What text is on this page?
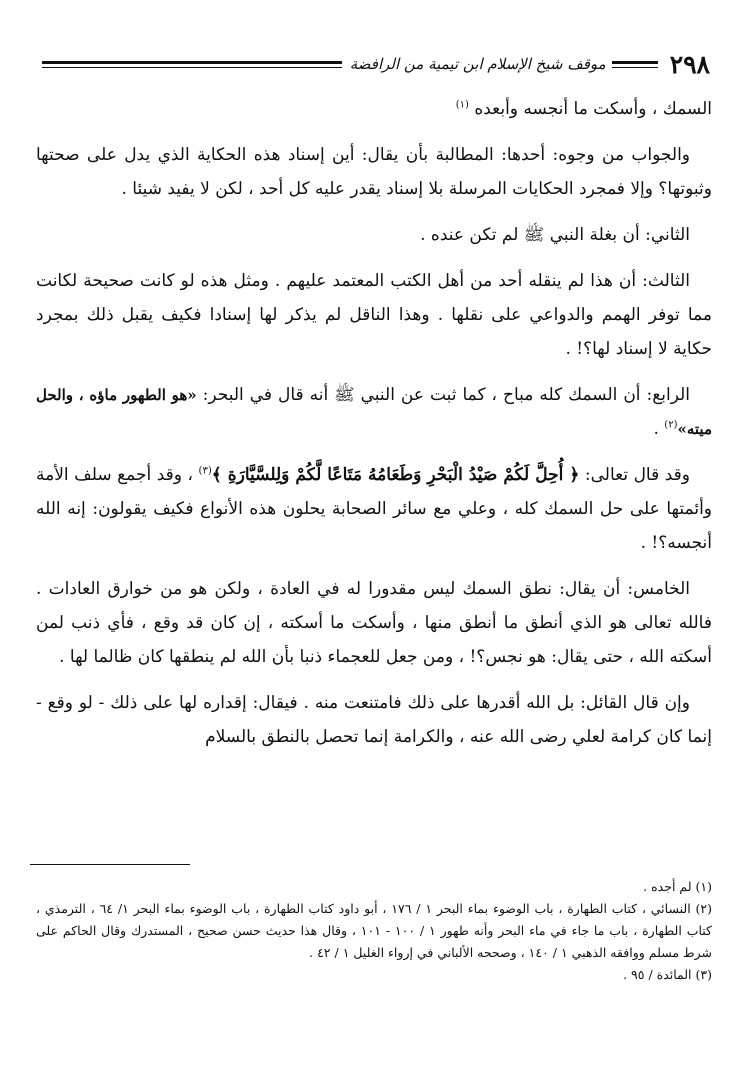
٢٩٨
موقف شيخ الإسلام ابن تيمية من الرافضة

السمك ، وأسكت ما أنجسه وأبعده $^{(١)}$

والجواب من وجوه: أحدها: المطالبة بأن يقال: أين إسناد هذه الحكاية الذي يدل على صحتها وثبوتها؟ وإلا فمجرد الحكايات المرسلة بلا إسناد يقدر عليه كل أحد ، لكن لا يفيد شيئا .

الثاني: أن بغلة النبي ﷺ لم تكن عنده .

الثالث: أن هذا لم ينقله أحد من أهل الكتب المعتمد عليهم . ومثل هذه لو كانت صحيحة لكانت مما توفر الهمم والدواعي على نقلها . وهذا الناقل لم يذكر لها إسنادا فكيف يقبل ذلك بمجرد حكاية لا إسناد لها؟! .

الرابع: أن السمك كله مباح ، كما ثبت عن النبي ﷺ أنه قال في البحر: «هو الطهور ماؤه ، والحل ميته»$^{(٢)}$ .

وقد قال تعالى: ﴿ أُحِلَّ لَكُمْ صَيْدُ الْبَحْرِ وَطَعَامُهُ مَتَاعًا لَّكُمْ وَلِلسَّيَّارَةِ ﴾$^{(٣)}$ ، وقد أجمع سلف الأمة وأئمتها على حل السمك كله ، وعلي مع سائر الصحابة يحلون هذه الأنواع فكيف يقولون: إنه الله أنجسه؟! .

الخامس: أن يقال: نطق السمك ليس مقدورا له في العادة ، ولكن هو من خوارق العادات . فالله تعالى هو الذي أنطق ما أنطق منها ، وأسكت ما أسكته ، إن كان قد وقع ، فأي ذنب لمن أسكته الله ، حتى يقال: هو نجس؟! ، ومن جعل للعجماء ذنبا بأن الله لم ينطقها كان ظالما لها .

وإن قال القائل: بل الله أقدرها على ذلك فامتنعت منه . فيقال: إقداره لها على ذلك - لو وقع - إنما كان كرامة لعلي رضى الله عنه ، والكرامة إنما تحصل بالنطق بالسلام

(١) لم أجده .

(٢) النسائي ، كتاب الطهارة ، باب الوضوء بماء البحر ١ / ١٧٦ ، أبو داود كتاب الطهارة ، باب الوضوء بماء البحر ١/ ٦٤ ، الترمذي ، كتاب الطهارة ، باب ما جاء في ماء البحر وأنه طهور ١ / ١٠٠ - ١٠١ ، وقال هذا حديث حسن صحيح ، المستدرك وقال الحاكم على شرط مسلم ووافقه الذهبي ١ / ١٤٠ ، وصححه الألباني في إرواء الغليل ١ / ٤٢ .

(٣) المائدة / ٩٥ .
